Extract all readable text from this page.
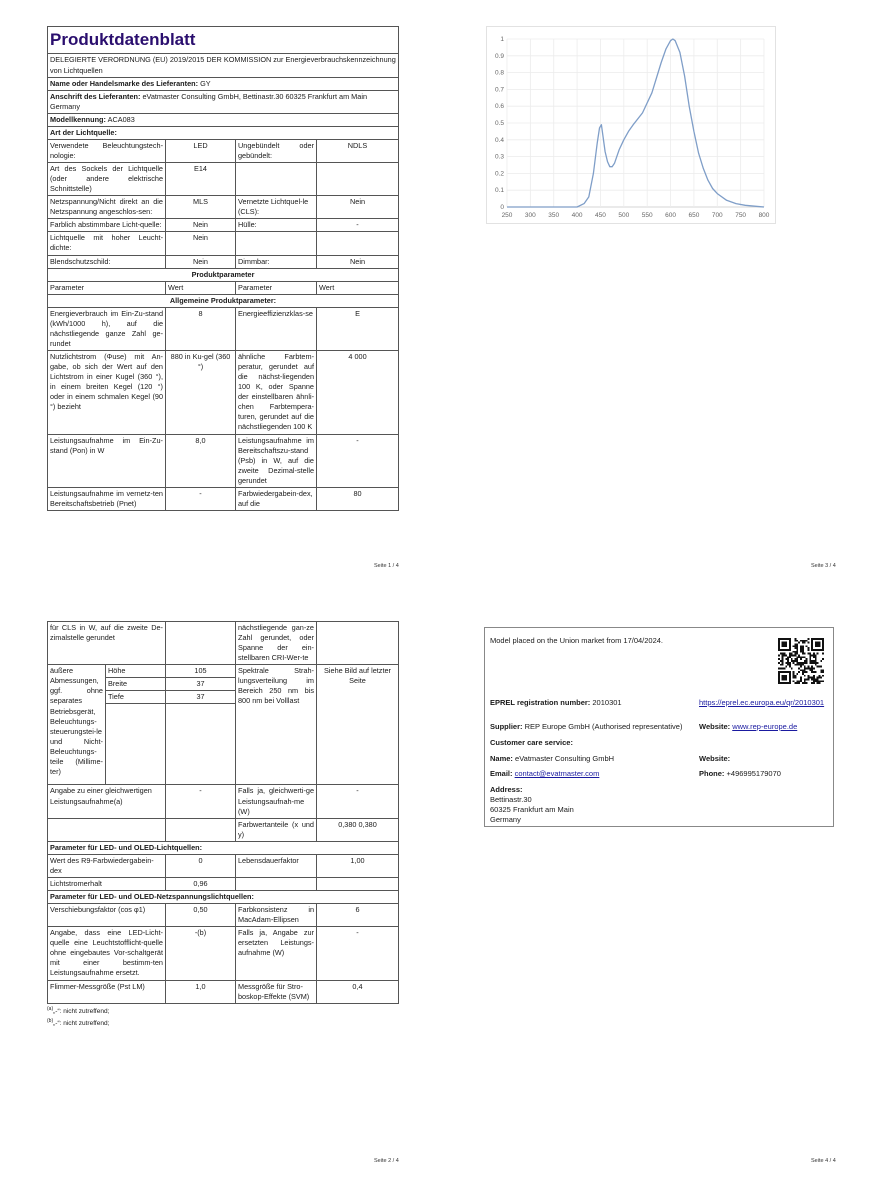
Produktdatenblatt			
DELEGIERTE VERORDNUNG (EU) 2019/2015 DER KOMMISSION zur Energieverbrauchskennzeichnung von Lichtquellen			
Name oder Handelsmarke des Lieferanten: GY			
Anschrift des Lieferanten: eVatmaster Consulting GmbH, Bettinastr.30 60325 Frankfurt am Main Germany			
Modellkennung: ACA083			
Art der Lichtquelle:			
Verwendete Beleuchtungstech-nologie:	LED	Ungebündelt oder gebündelt:	NDLS
Art des Sockels der Lichtquelle (oder andere elektrische Schnittstelle)	E14		
Netzspannung/Nicht direkt an die Netzspannung angeschlos-sen:	MLS	Vernetzte Lichtquel-le (CLS):	Nein
Farblich abstimmbare Licht-quelle:	Nein	Hülle:	-
Lichtquelle mit hoher Leucht-dichte:	Nein		
Blendschutzschild:	Nein	Dimmbar:	Nein
Produktparameter			
Parameter	Wert	Parameter	Wert
Allgemeine Produktparameter:			
Energieverbrauch im Ein-Zu-stand (kWh/1000 h), auf die nächstliegende ganze Zahl ge-rundet	8	Energieeffizienzklas-se	E
Nutzlichtstrom (Φuse) mit An-gabe, ob sich der Wert auf den Lichtstrom in einer Kugel (360 °), in einem breiten Kegel (120 °) oder in einem schmalen Kegel (90 °) bezieht	880 in Ku-gel (360 °)	ähnliche Farbtem-peratur, gerundet auf die nächst-liegenden 100 K, oder Spanne der einstellbaren ähnli-chen Farbtempera-turen, gerundet auf die nächstliegenden 100 K	4 000
Leistungsaufnahme im Ein-Zu-stand (Pon) in W	8,0	Leistungsaufnahme im Bereitschaftszu-stand (Psb) in W, auf die zweite Dezimal-stelle gerundet	-
Leistungsaufnahme im vernetz-ten Bereitschaftsbetrieb (Pnet)	-	Farbwiedergabein-dex, auf die	80
Seite 1 / 4
0
0.1
0.2
0.3
0.4
0.5
0.6
0.7
0.8
0.9
1
250 300 350 400 450 500 550 600 650 700 750 800
Seite 3 / 4
für CLS in W, auf die zweite De-zimalstelle gerundet			nächstliegende gan-ze Zahl gerundet, oder Spanne der ein-stellbaren CRI-Wer-te	
äußere Abmessungen, ggf. ohne separates Betriebsgerät, Beleuchtungs-steuerungstei-le und Nicht-Beleuchtungs-teile (Millime-ter)	Höhe	105	Spektrale Strah-lungsverteilung im Bereich 250 nm bis 800 nm bei Volllast	Siehe Bild auf letzter Seite
	Breite	37		
	Tiefe	37		

Angabe zu einer gleichwertigen Leistungsaufnahme(a)		-	Falls ja, gleichwerti-ge Leistungsaufnah-me (W)	-
			Farbwertanteile (x und y)	0,380 0,380
Parameter für LED- und OLED-Lichtquellen:				
Wert des R9-Farbwiedergabein-dex		0	Lebensdauerfaktor	1,00
Lichtstromerhalt		0,96		
Parameter für LED- und OLED-Netzspannungslichtquellen:				
Verschiebungsfaktor (cos φ1)		0,50	Farbkonsistenz in MacAdam-Ellipsen	6
Angabe, dass eine LED-Licht-quelle eine Leuchtstofflicht-quelle ohne eingebautes Vor-schaltgerät mit einer bestimm-ten Leistungsaufnahme ersetzt.		-(b)	Falls ja, Angabe zur ersetzten Leistungs-aufnahme (W)	-
Flimmer-Messgröße (Pst LM)		1,0	Messgröße für Stro-boskop-Effekte (SVM)	0,4
$^{(a)}$„-“: nicht zutreffend;
$^{(b)}$„-“: nicht zutreffend;
Seite 2 / 4
Model placed on the Union market from 17/04/2024.
EPREL registration number: 2010301	https://eprel.ec.europa.eu/qr/2010301
Supplier: REP Europe GmbH (Authorised representative) Website: www.rep-europe.de
Customer care service:
Name: eVatmaster Consulting GmbH	Website:
Email: contact@evatmaster.com	Phone: +496995179070
Address:
Bettinastr.30
60325 Frankfurt am Main
Germany
Seite 4 / 4
